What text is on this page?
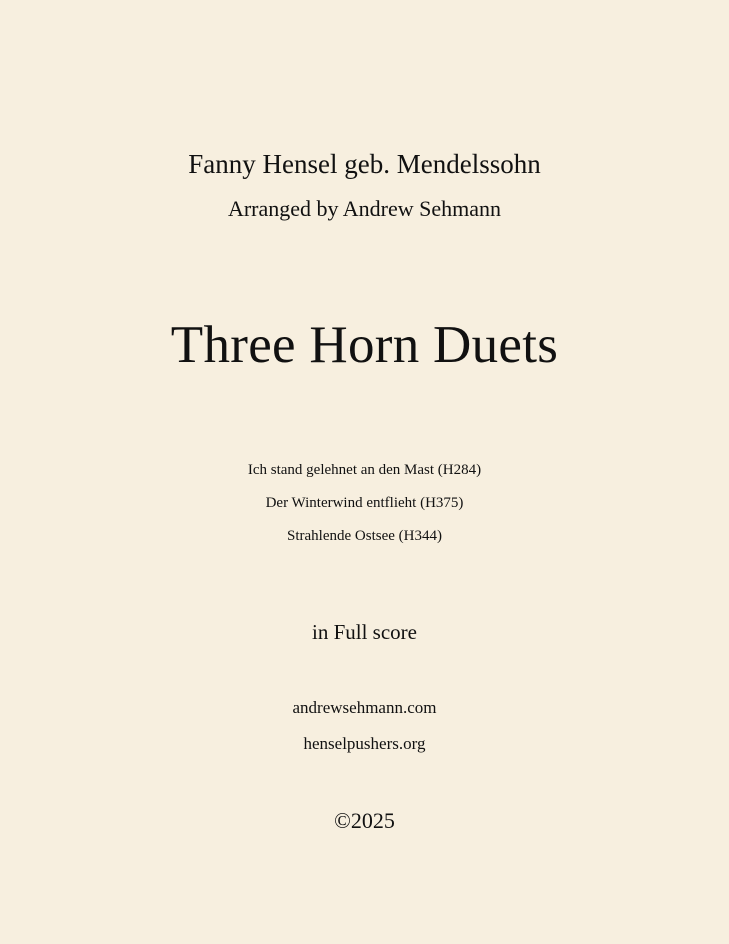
Fanny Hensel geb. Mendelssohn
Arranged by Andrew Sehmann
Three Horn Duets
Ich stand gelehnet an den Mast (H284)
Der Winterwind entflieht (H375)
Strahlende Ostsee (H344)
in Full score
andrewsehmann.com
henselpushers.org
©2025
